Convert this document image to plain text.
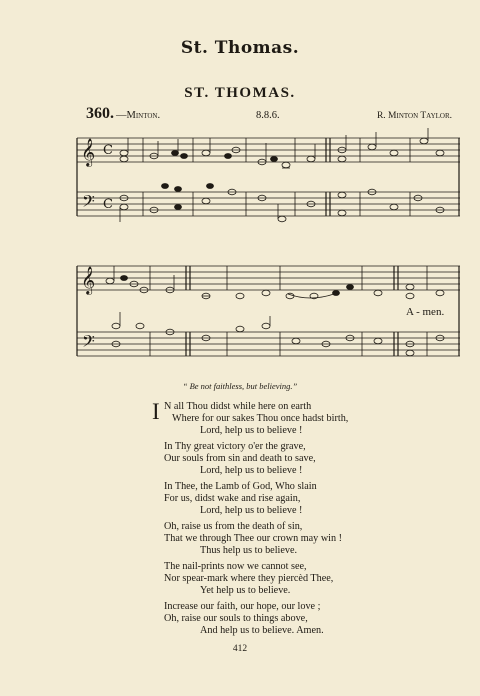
St. Thomas.
ST. THOMAS.
360. —Minton.	8.8.6.	R. Minton Taylor.
𝄞
𝄢
C
C
𝄞
𝄢
A - men.
“ Be not faithless, but believing.”
I N all Thou didst while here on earth
Where for our sakes Thou once hadst birth,
Lord, help us to believe !
In Thy great victory o'er the grave,
Our souls from sin and death to save,
Lord, help us to believe !
In Thee, the Lamb of God, Who slain
For us, didst wake and rise again,
Lord, help us to believe !
Oh, raise us from the death of sin,
That we through Thee our crown may win !
Thus help us to believe.
The nail-prints now we cannot see,
Nor spear-mark where they piercèd Thee,
Yet help us to believe.
Increase our faith, our hope, our love ;
Oh, raise our souls to things above,
And help us to believe. Amen.
412
